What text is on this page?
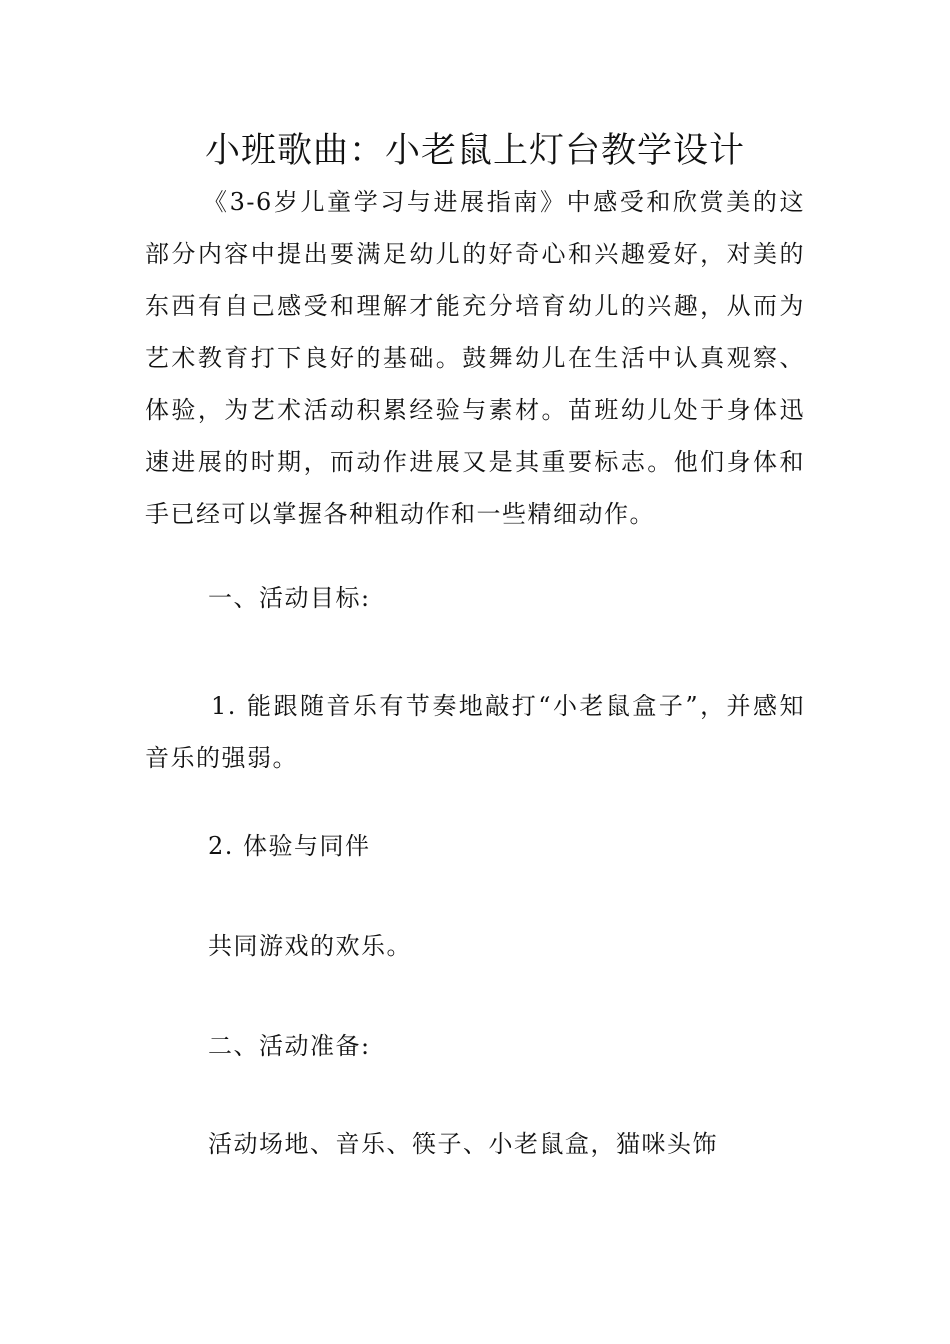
小班歌曲：小老鼠上灯台教学设计

《3-6岁儿童学习与进展指南》中感受和欣赏美的这部分内容中提出要满足幼儿的好奇心和兴趣爱好，对美的东西有自己感受和理解才能充分培育幼儿的兴趣，从而为艺术教育打下良好的基础。鼓舞幼儿在生活中认真观察、体验，为艺术活动积累经验与素材。苗班幼儿处于身体迅速进展的时期，而动作进展又是其重要标志。他们身体和手已经可以掌握各种粗动作和一些精细动作。

一、活动目标:

1. 能跟随音乐有节奏地敲打“小老鼠盒子”，并感知音乐的强弱。

2. 体验与同伴

共同游戏的欢乐。

二、活动准备:

活动场地、音乐、筷子、小老鼠盒，猫咪头饰
